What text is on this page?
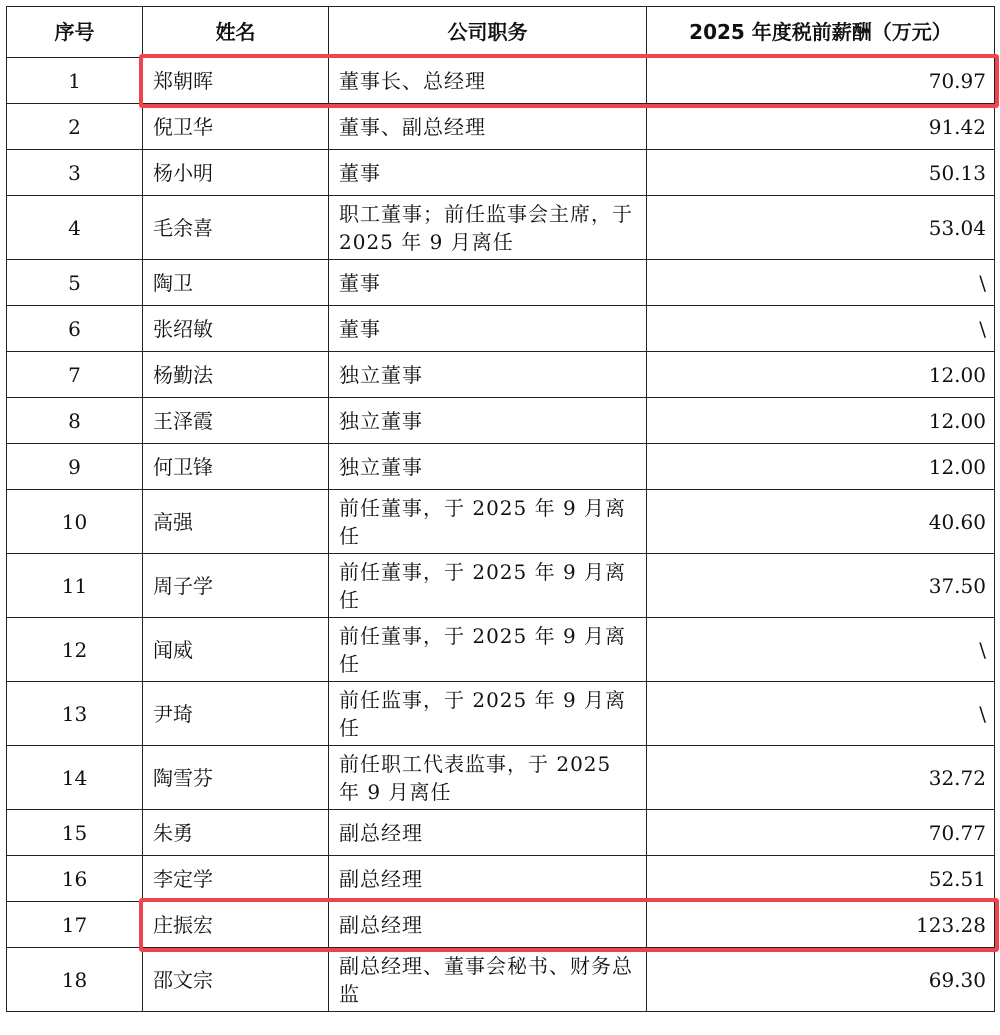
序号	姓名	公司职务	2025 年度税前薪酬（万元）
1	郑朝晖	董事长、总经理	70.97
2	倪卫华	董事、副总经理	91.42
3	杨小明	董事	50.13
4	毛余喜	职工董事；前任监事会主席，于 2025 年 9 月离任	53.04
5	陶卫	董事	\
6	张绍敏	董事	\
7	杨勤法	独立董事	12.00
8	王泽霞	独立董事	12.00
9	何卫锋	独立董事	12.00
10	高强	前任董事，于 2025 年 9 月离任	40.60
11	周子学	前任董事，于 2025 年 9 月离任	37.50
12	闻威	前任董事，于 2025 年 9 月离任	\
13	尹琦	前任监事，于 2025 年 9 月离任	\
14	陶雪芬	前任职工代表监事，于 2025 年 9 月离任	32.72
15	朱勇	副总经理	70.77
16	李定学	副总经理	52.51
17	庄振宏	副总经理	123.28
18	邵文宗	副总经理、董事会秘书、财务总监	69.30
